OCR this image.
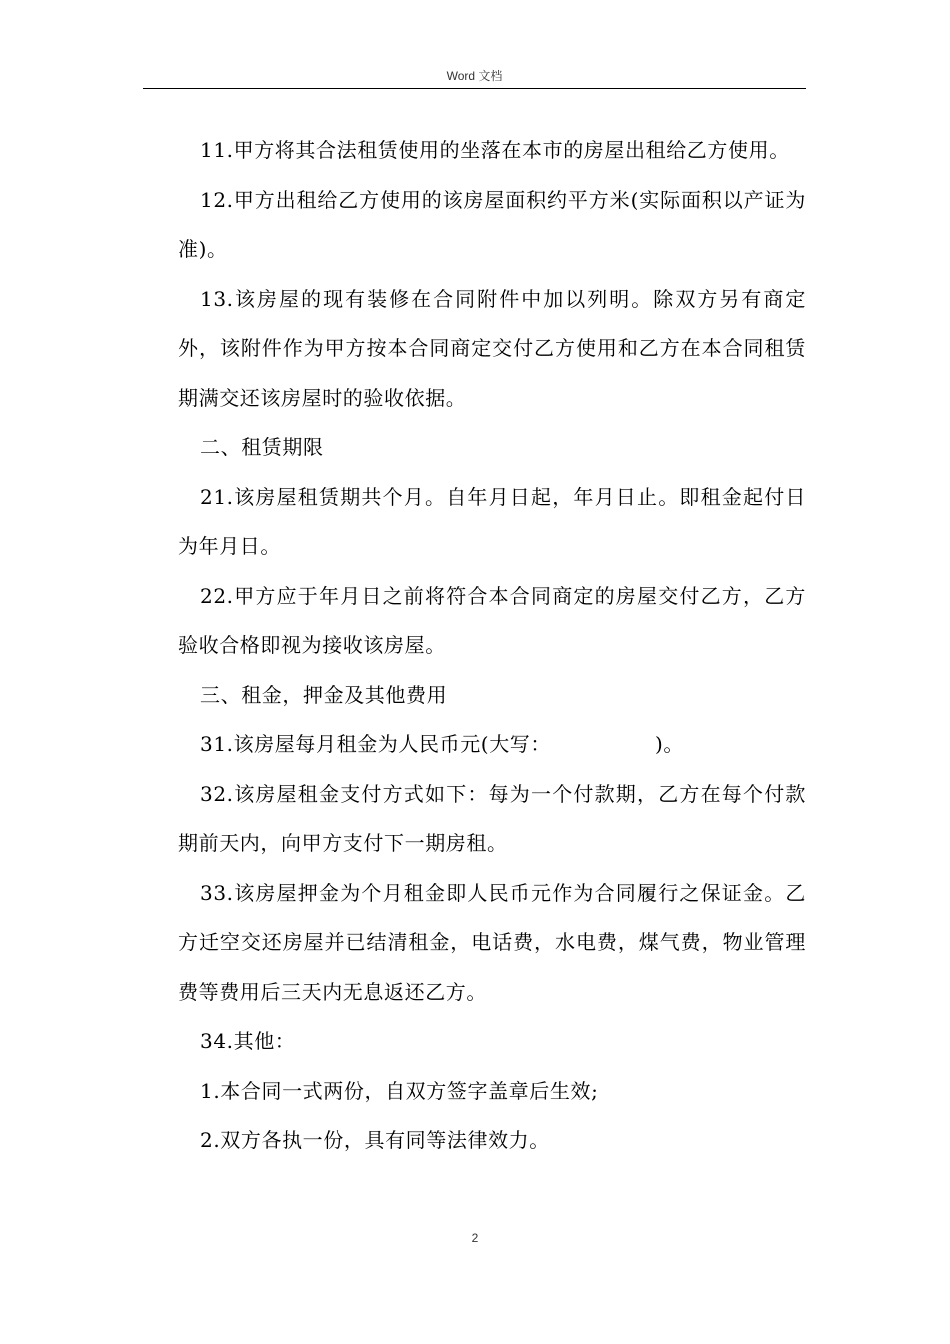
Word 文档

11.甲方将其合法租赁使用的坐落在本市的房屋出租给乙方使用。

12.甲方出租给乙方使用的该房屋面积约平方米(实际面积以产证为准)。

13.该房屋的现有装修在合同附件中加以列明。除双方另有商定外，该附件作为甲方按本合同商定交付乙方使用和乙方在本合同租赁期满交还该房屋时的验收依据。

二、租赁期限

21.该房屋租赁期共个月。自年月日起，年月日止。即租金起付日为年月日。

22.甲方应于年月日之前将符合本合同商定的房屋交付乙方，乙方验收合格即视为接收该房屋。

三、租金，押金及其他费用

31.该房屋每月租金为人民币元(大写：	)。

32.该房屋租金支付方式如下：每为一个付款期，乙方在每个付款期前天内，向甲方支付下一期房租。

33.该房屋押金为个月租金即人民币元作为合同履行之保证金。乙方迁空交还房屋并已结清租金，电话费，水电费，煤气费，物业管理费等费用后三天内无息返还乙方。

34.其他：

1.本合同一式两份，自双方签字盖章后生效;

2.双方各执一份，具有同等法律效力。

2
